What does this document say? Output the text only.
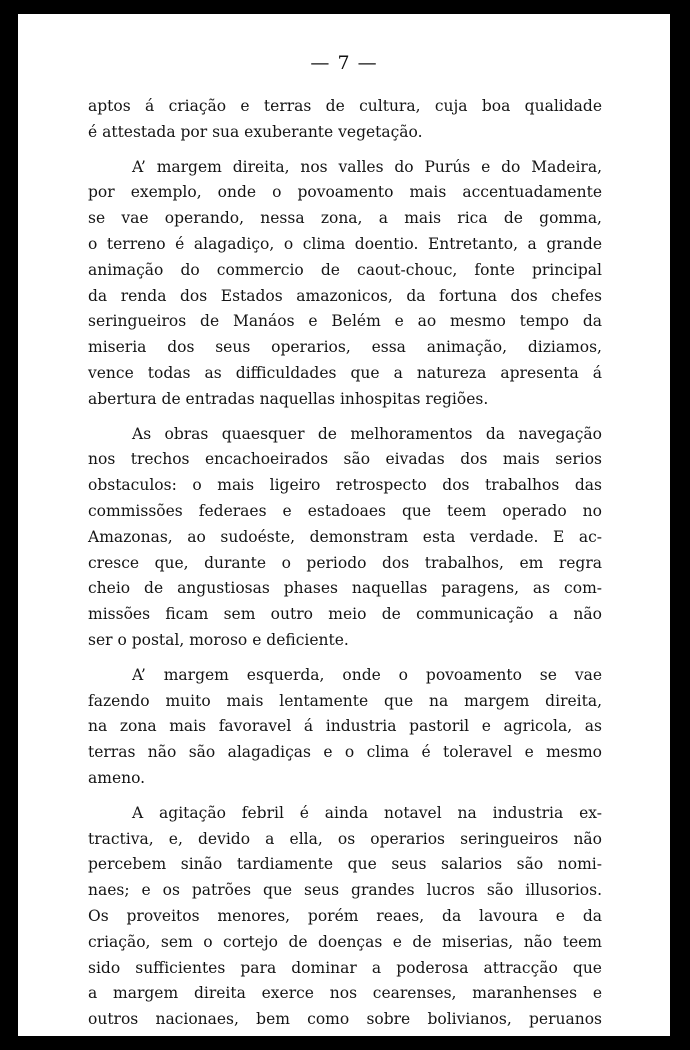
— 7 —

aptos á criação e terras de cultura, cuja boa qualidade
é attestada por sua exuberante vegetação.
A’ margem direita, nos valles do Purús e do Madeira,
por exemplo, onde o povoamento mais accentuadamente
se vae operando, nessa zona, a mais rica de gomma,
o terreno é alagadiço, o clima doentio. Entretanto, a grande
animação do commercio de caout-chouc, fonte principal
da renda dos Estados amazonicos, da fortuna dos chefes
seringueiros de Manáos e Belém e ao mesmo tempo da
miseria dos seus operarios, essa animação, diziamos,
vence todas as difficuldades que a natureza apresenta á
abertura de entradas naquellas inhospitas regiões.
As obras quaesquer de melhoramentos da navegação
nos trechos encachoeirados são eivadas dos mais serios
obstaculos: o mais ligeiro retrospecto dos trabalhos das
commissões federaes e estadoaes que teem operado no
Amazonas, ao sudoéste, demonstram esta verdade. E ac-
cresce que, durante o periodo dos trabalhos, em regra
cheio de angustiosas phases naquellas paragens, as com-
missões ficam sem outro meio de communicação a não
ser o postal, moroso e deficiente.
A’ margem esquerda, onde o povoamento se vae
fazendo muito mais lentamente que na margem direita,
na zona mais favoravel á industria pastoril e agricola, as
terras não são alagadiças e o clima é toleravel e mesmo
ameno.
A agitação febril é ainda notavel na industria ex-
tractiva, e, devido a ella, os operarios seringueiros não
percebem sinão tardiamente que seus salarios são nomi-
naes; e os patrões que seus grandes lucros são illusorios.
Os proveitos menores, porém reaes, da lavoura e da
criação, sem o cortejo de doenças e de miserias, não teem
sido sufficientes para dominar a poderosa attracção que
a margem direita exerce nos cearenses, maranhenses e
outros nacionaes, bem como sobre bolivianos, peruanos
